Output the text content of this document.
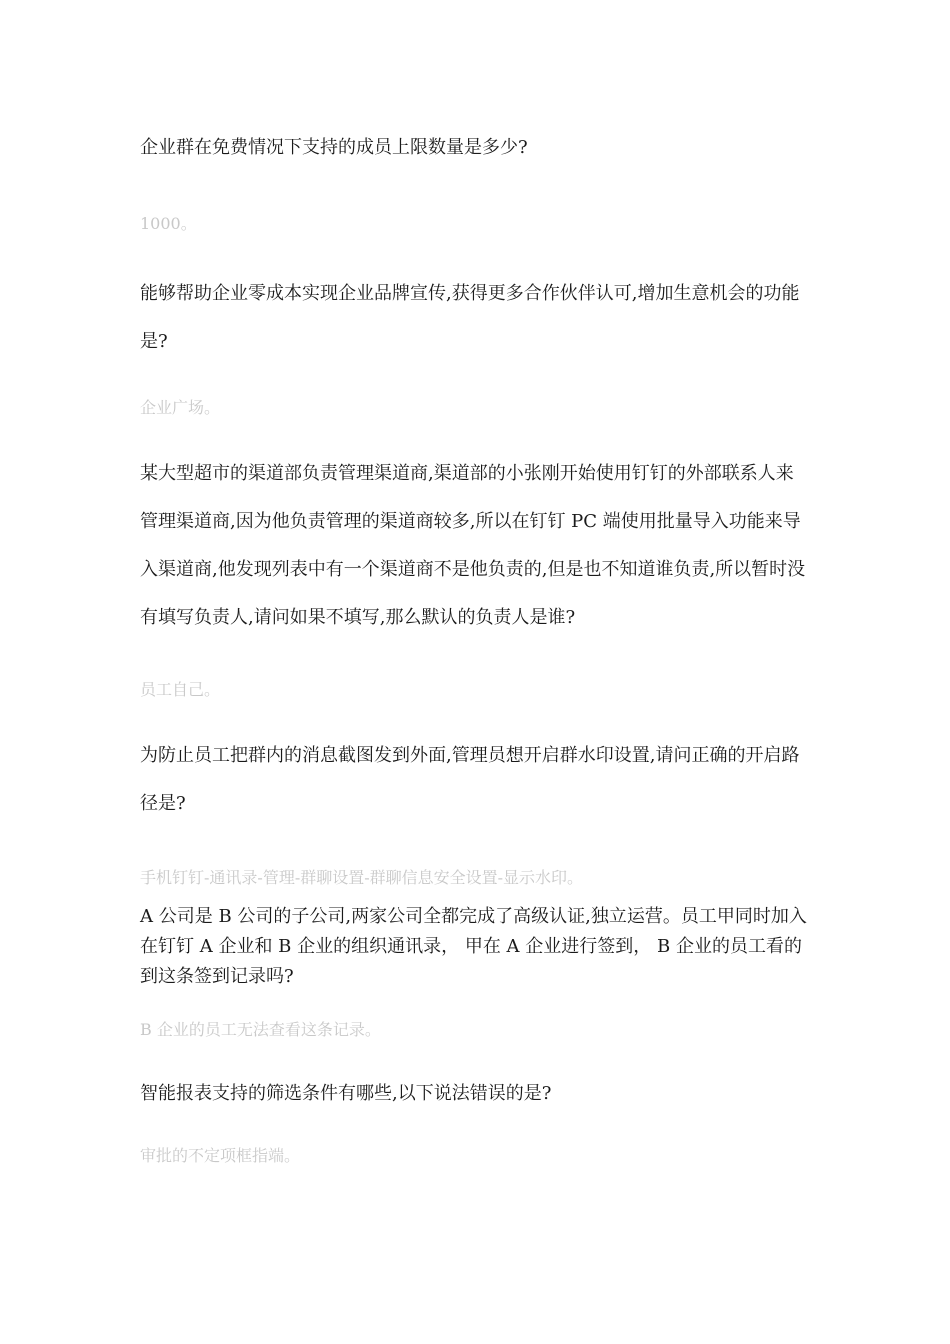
企业群在免费情况下支持的成员上限数量是多少?

1000。

能够帮助企业零成本实现企业品牌宣传,获得更多合作伙伴认可,增加生意机会的功能是?

企业广场。

某大型超市的渠道部负责管理渠道商,渠道部的小张刚开始使用钉钉的外部联系人来管理渠道商,因为他负责管理的渠道商较多,所以在钉钉 PC 端使用批量导入功能来导入渠道商,他发现列表中有一个渠道商不是他负责的,但是也不知道谁负责,所以暂时没有填写负责人,请问如果不填写,那么默认的负责人是谁?

员工自己。

为防止员工把群内的消息截图发到外面,管理员想开启群水印设置,请问正确的开启路径是?

手机钉钉-通讯录-管理-群聊设置-群聊信息安全设置-显示水印。

A 公司是 B 公司的子公司,两家公司全都完成了高级认证,独立运营。员工甲同时加入在钉钉 A 企业和 B 企业的组织通讯录， 甲在 A 企业进行签到， B 企业的员工看的到这条签到记录吗?

B 企业的员工无法查看这条记录。

智能报表支持的筛选条件有哪些,以下说法错误的是?

审批的不定项框指端。
